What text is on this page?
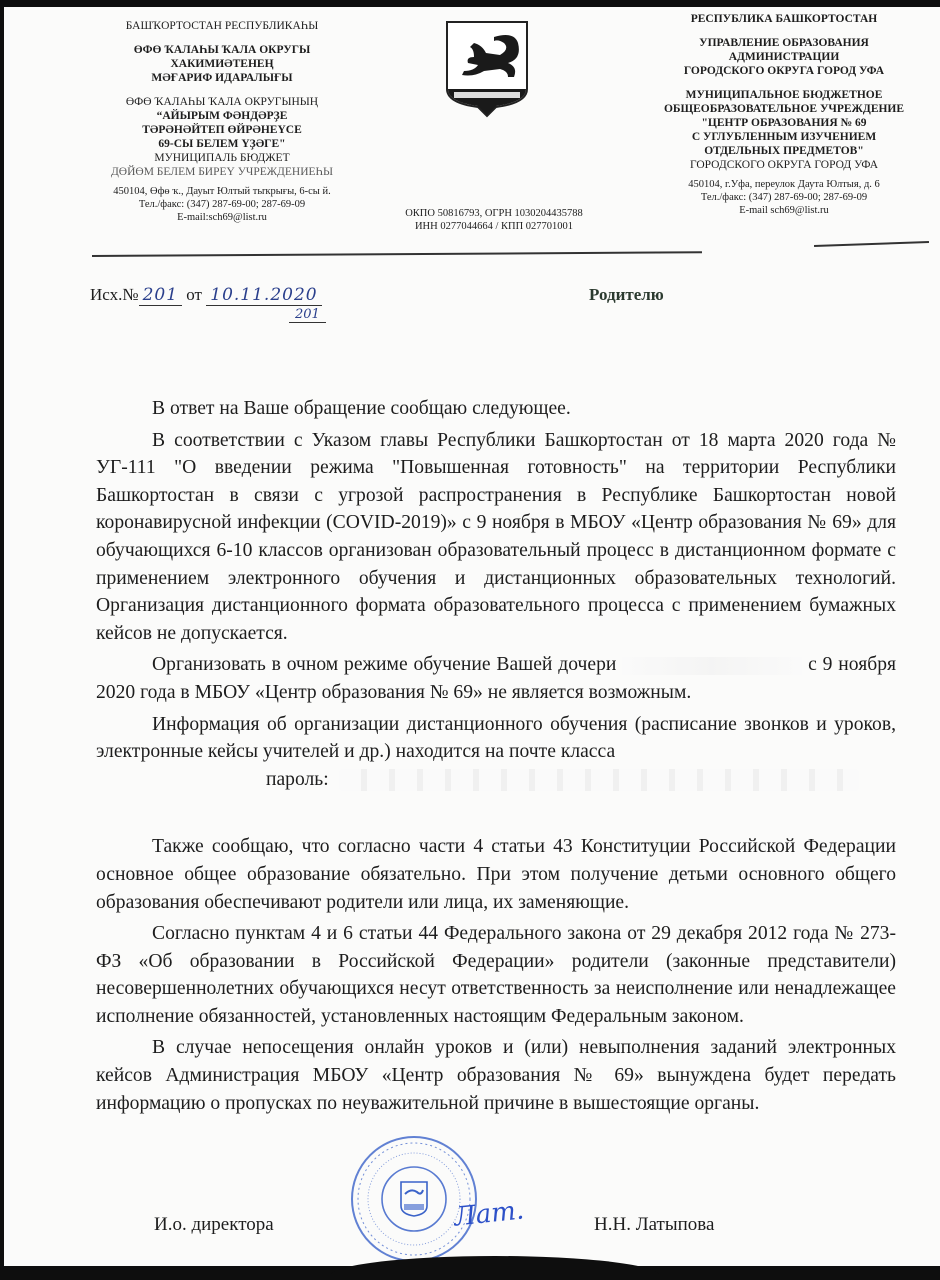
БАШҠОРТОСТАН РЕСПУБЛИКАҺЫ
ӨФӨ ҠАЛАҺЫ ҠАЛА ОКРУГЫ
ХАКИМИӘТЕНЕҢ
МӘҒАРИФ ИДАРАЛЫҒЫ
ӨФӨ ҠАЛАҺЫ ҠАЛА ОКРУГЫНЫҢ
“АЙЫРЫМ ФӘНДӘРҘЕ
ТӘРӘНӘЙТЕП ӨЙРӘНЕҮСЕ
69-СЫ БЕЛЕМ ҮҘӘГЕ"
МУНИЦИПАЛЬ БЮДЖЕТ
ДӨЙӨМ БЕЛЕМ БИРЕҮ УЧРЕЖДЕНИЕҺЫ
450104, Өфө ҡ., Дауыт Юлтый тыҡрығы, 6-сы й.
Тел./факс: (347) 287-69-00; 287-69-09
E-mail:sch69@list.ru	ОКПО 50816793, ОГРН 1030204435788
ИНН 0277044664 / КПП 027701001
РЕСПУБЛИКА БАШКОРТОСТАН
УПРАВЛЕНИЕ ОБРАЗОВАНИЯ
АДМИНИСТРАЦИИ
ГОРОДСКОГО ОКРУГА ГОРОД УФА
МУНИЦИПАЛЬНОЕ БЮДЖЕТНОЕ
ОБЩЕОБРАЗОВАТЕЛЬНОЕ УЧРЕЖДЕНИЕ
"ЦЕНТР ОБРАЗОВАНИЯ № 69
С УГЛУБЛЕННЫМ ИЗУЧЕНИЕМ
ОТДЕЛЬНЫХ ПРЕДМЕТОВ"
ГОРОДСКОГО ОКРУГА ГОРОД УФА
450104, г.Уфа, переулок Даута Юлтыя, д. 6
Тел./факс: (347) 287-69-00; 287-69-09
E-mail sch69@list.ru
Исх.№ 201 от 10.11.2020
201
Родителю

В ответ на Ваше обращение сообщаю следующее.

В соответствии с Указом главы Республики Башкортостан от 18 марта 2020 года № УГ-111 "О введении режима "Повышенная готовность" на территории Республики Башкортостан в связи с угрозой распространения в Республике Башкортостан новой коронавирусной инфекции (COVID-2019)» с 9 ноября в МБОУ «Центр образования № 69» для обучающихся 6-10 классов организован образовательный процесс в дистанционном формате с применением электронного обучения и дистанционных образовательных технологий. Организация дистанционного формата образовательного процесса с применением бумажных кейсов не допускается.

Организовать в очном режиме обучение Вашей дочери	с 9 ноября 2020 года в МБОУ «Центр образования № 69» не является возможным.

Информация об организации дистанционного обучения (расписание звонков и уроков, электронные кейсы учителей и др.) находится на почте класса

пароль:

Также сообщаю, что согласно части 4 статьи 43 Конституции Российской Федерации основное общее образование обязательно. При этом получение детьми основного общего образования обеспечивают родители или лица, их заменяющие.

Согласно пунктам 4 и 6 статьи 44 Федерального закона от 29 декабря 2012 года № 273-ФЗ «Об образовании в Российской Федерации» родители (законные представители) несовершеннолетних обучающихся несут ответственность за неисполнение или ненадлежащее исполнение обязанностей, установленных настоящим Федеральным законом.

В случае непосещения онлайн уроков и (или) невыполнения заданий электронных кейсов Администрация МБОУ «Центр образования № 69» вынуждена будет передать информацию о пропусках по неуважительной причине в вышестоящие органы.

И.о. директора	Лат.	Н.Н. Латыпова
